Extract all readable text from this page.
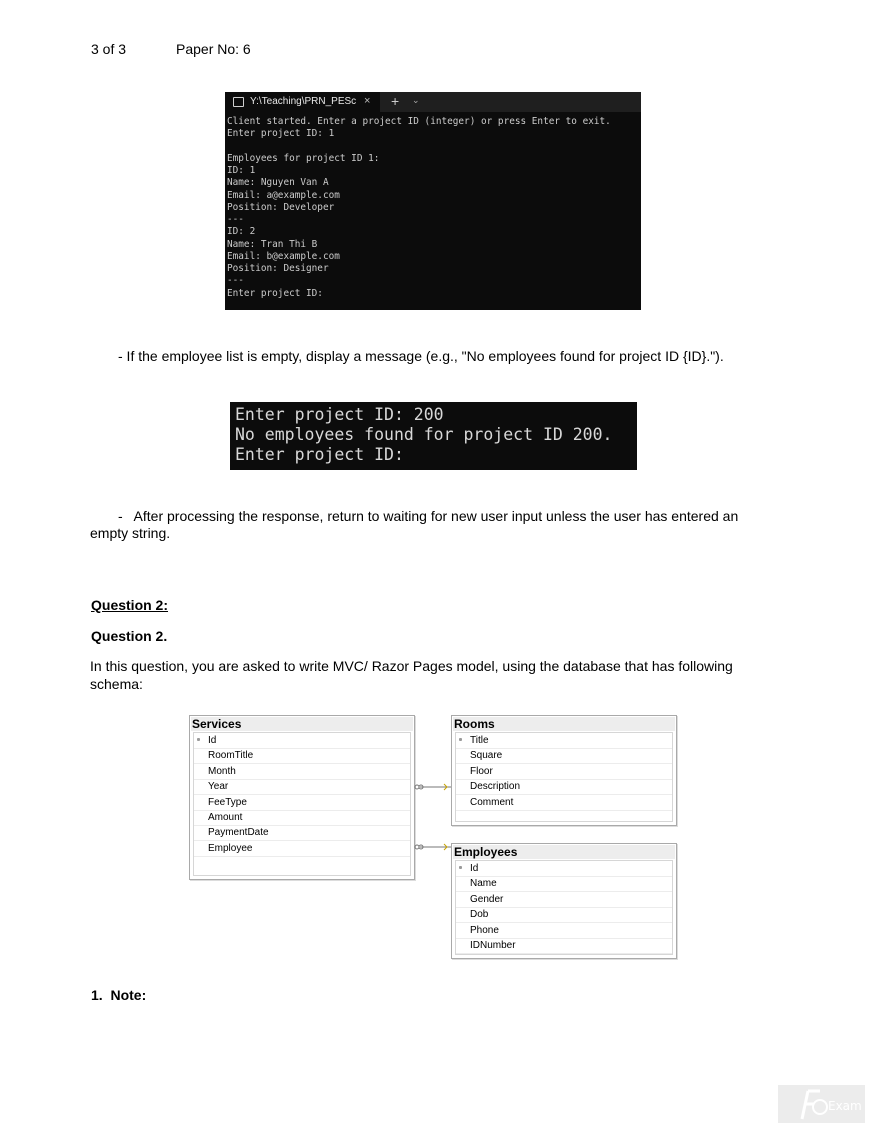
3 of 3	Paper No: 6
Y:\Teaching\PRN_PESc × + ⌄
Client started. Enter a project ID (integer) or press Enter to exit.
Enter project ID: 1

Employees for project ID 1:
ID: 1
Name: Nguyen Van A
Email: a@example.com
Position: Developer
---
ID: 2
Name: Tran Thi B
Email: b@example.com
Position: Designer
---
Enter project ID:
- If the employee list is empty, display a message (e.g., "No employees found for project ID {ID}.").
Enter project ID: 200
No employees found for project ID 200.
Enter project ID:
-   After processing the response, return to waiting for new user input unless the user has entered an
empty string.
Question 2:
Question 2.
In this question, you are asked to write MVC/ Razor Pages model, using the database that has following
schema:
Services
Id
RoomTitle
Month
Year
FeeType
Amount
PaymentDate
Employee
Rooms
Title
Square
Floor
Description
Comment
Employees
Id
Name
Gender
Dob
Phone
IDNumber
1.  Note:
Exam
